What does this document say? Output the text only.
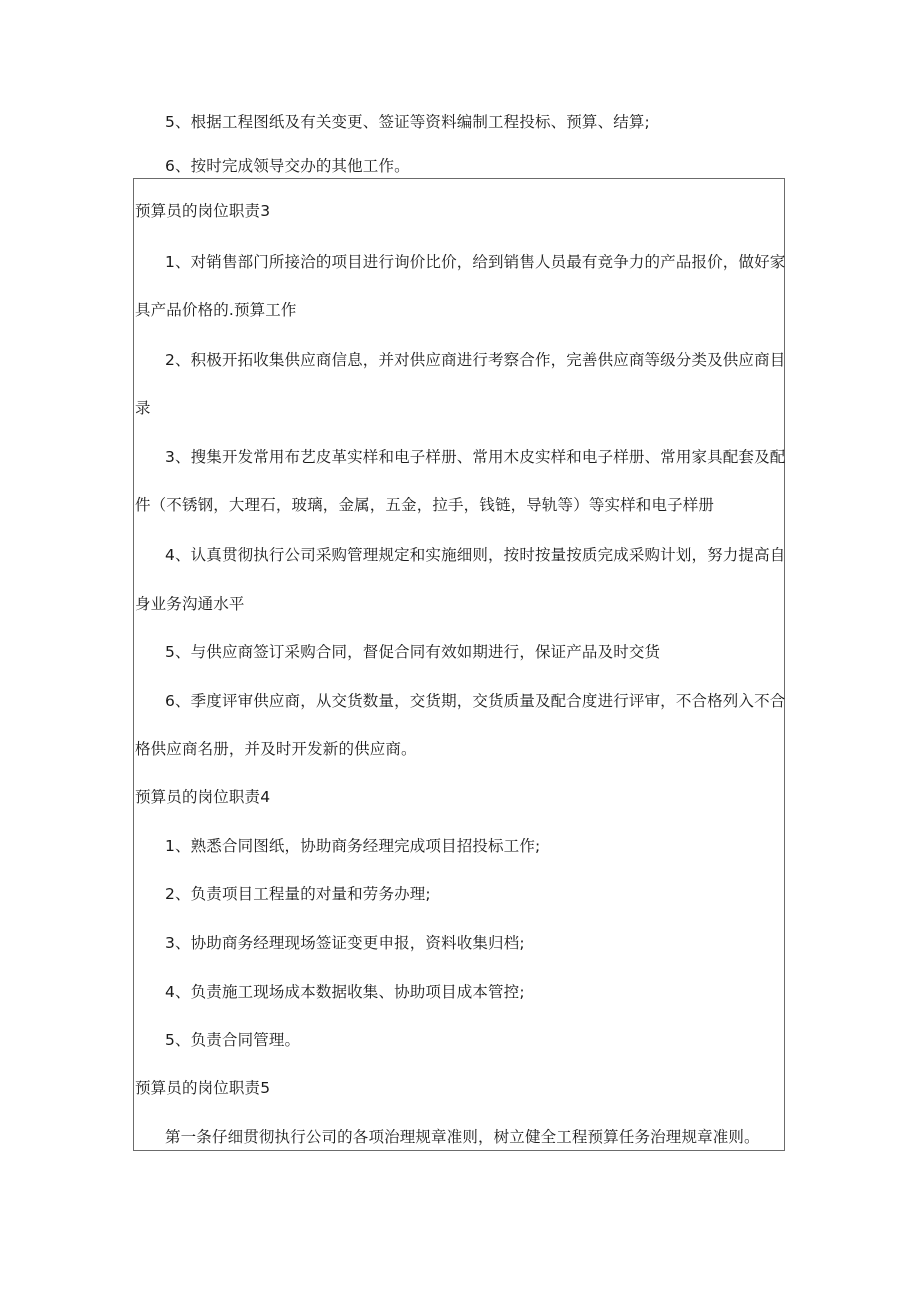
5、根据工程图纸及有关变更、签证等资料编制工程投标、预算、结算;
6、按时完成领导交办的其他工作。
预算员的岗位职责3
1、对销售部门所接洽的项目进行询价比价，给到销售人员最有竞争力的产品报价，做好家
具产品价格的.预算工作
2、积极开拓收集供应商信息，并对供应商进行考察合作，完善供应商等级分类及供应商目
录
3、搜集开发常用布艺皮革实样和电子样册、常用木皮实样和电子样册、常用家具配套及配
件（不锈钢，大理石，玻璃，金属，五金，拉手，钱链，导轨等）等实样和电子样册
4、认真贯彻执行公司采购管理规定和实施细则，按时按量按质完成采购计划，努力提高自
身业务沟通水平
5、与供应商签订采购合同，督促合同有效如期进行，保证产品及时交货
6、季度评审供应商，从交货数量，交货期，交货质量及配合度进行评审，不合格列入不合
格供应商名册，并及时开发新的供应商。
预算员的岗位职责4
1、熟悉合同图纸，协助商务经理完成项目招投标工作;
2、负责项目工程量的对量和劳务办理;
3、协助商务经理现场签证变更申报，资料收集归档;
4、负责施工现场成本数据收集、协助项目成本管控;
5、负责合同管理。
预算员的岗位职责5
第一条仔细贯彻执行公司的各项治理规章准则，树立健全工程预算任务治理规章准则。
